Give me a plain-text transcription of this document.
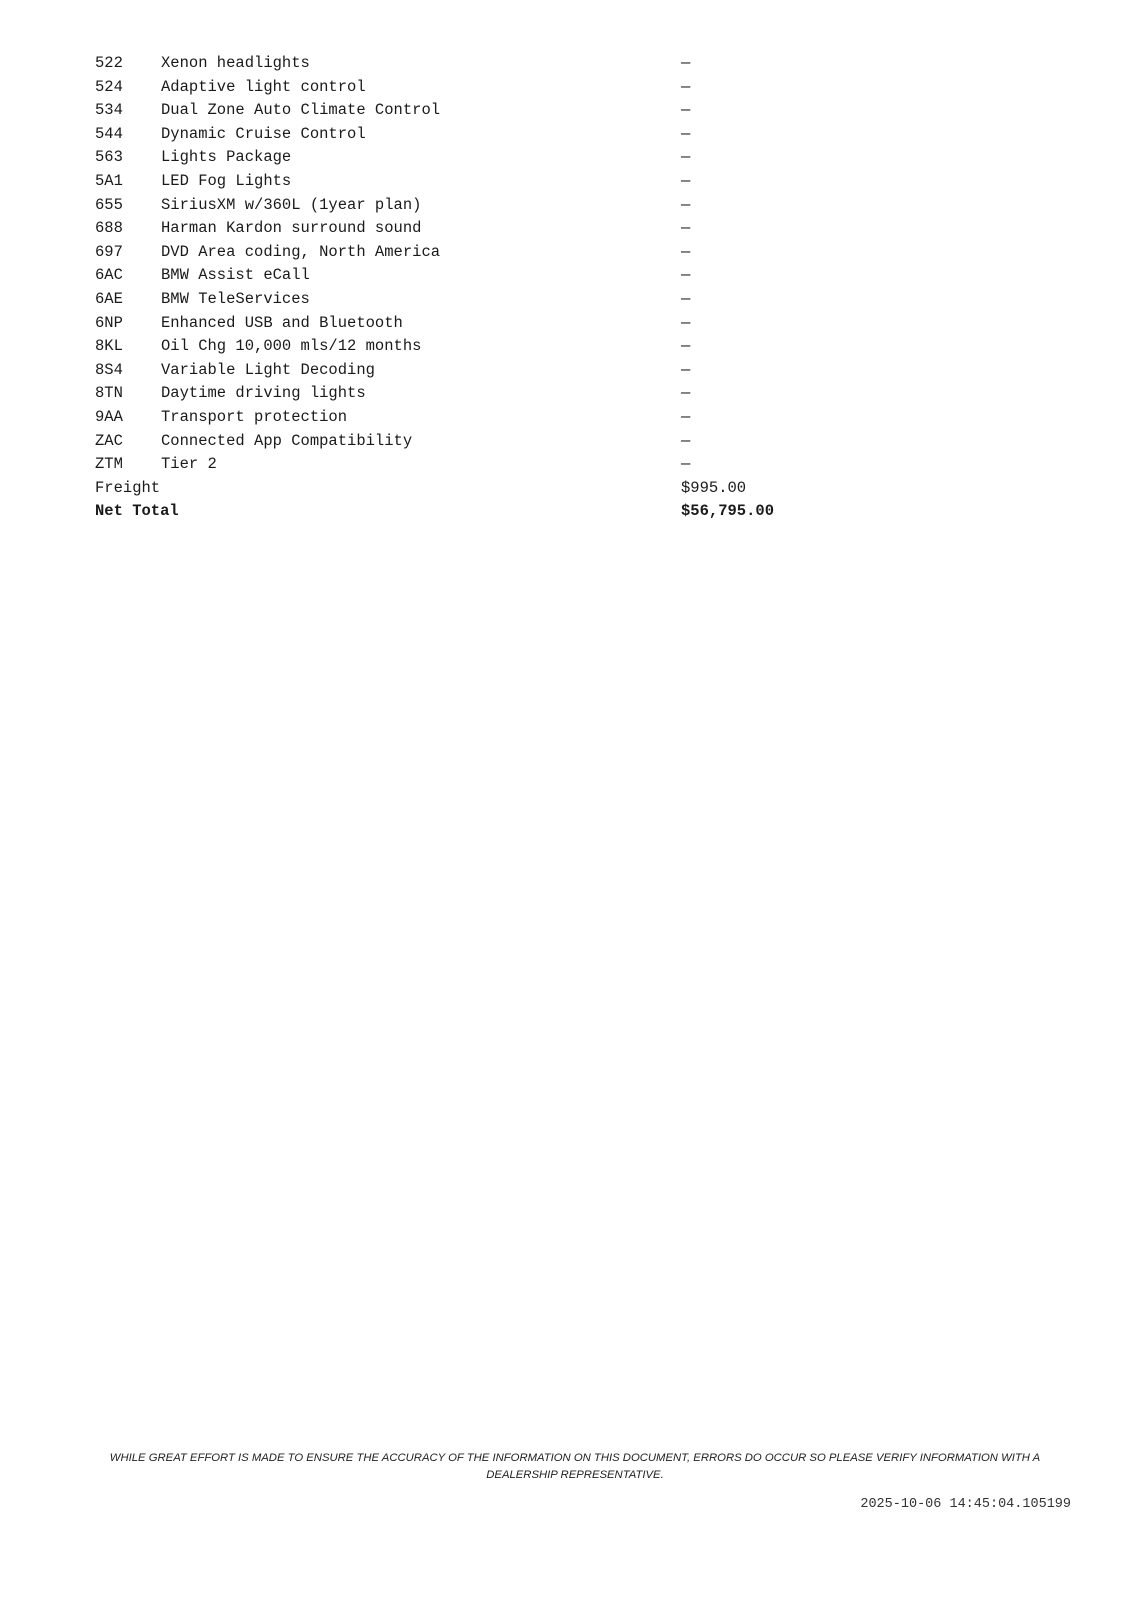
522 Xenon headlights	—
524 Adaptive light control	—
534 Dual Zone Auto Climate Control	—
544 Dynamic Cruise Control	—
563 Lights Package	—
5A1 LED Fog Lights	—
655 SiriusXM w/360L (1year plan)	—
688 Harman Kardon surround sound	—
697 DVD Area coding, North America	—
6AC BMW Assist eCall	—
6AE BMW TeleServices	—
6NP Enhanced USB and Bluetooth	—
8KL Oil Chg 10,000 mls/12 months	—
8S4 Variable Light Decoding	—
8TN Daytime driving lights	—
9AA Transport protection	—
ZAC Connected App Compatibility	—
ZTM Tier 2	—
Freight	$995.00
Net Total	$56,795.00
WHILE GREAT EFFORT IS MADE TO ENSURE THE ACCURACY OF THE INFORMATION ON THIS DOCUMENT, ERRORS DO OCCUR SO PLEASE VERIFY INFORMATION WITH A DEALERSHIP REPRESENTATIVE.
2025-10-06 14:45:04.105199
